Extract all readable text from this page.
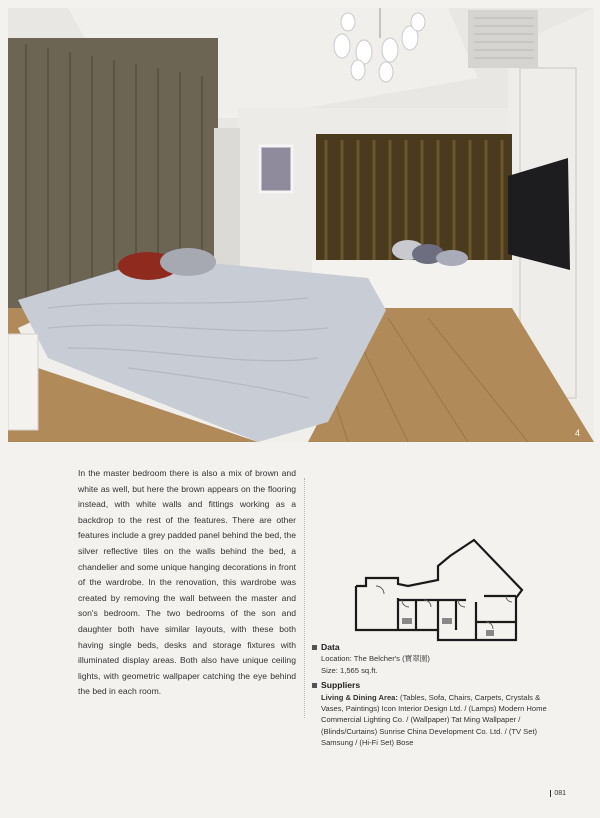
4
In the master bedroom there is also a mix of brown and white as well, but here the brown appears on the flooring instead, with white walls and fittings working as a backdrop to the rest of the features. There are other features include a grey padded panel behind the bed, the silver reflective tiles on the walls behind the bed, a chandelier and some unique hanging decorations in front of the wardrobe. In the renovation, this wardrobe was created by removing the wall between the master and son's bedroom. The two bedrooms of the son and daughter both have similar layouts, with these both having single beds, desks and storage fixtures with illuminated display areas. Both also have unique ceiling lights, with geometric wallpaper catching the eye behind the bed in each room.
Data
Location: The Belcher's (寶翠園)
Size: 1,565 sq.ft.
Suppliers
Living & Dining Area: (Tables, Sofa, Chairs, Carpets, Crystals & Vases, Paintings) Icon Interior Design Ltd. / (Lamps) Modern Home Commercial Lighting Co. / (Wallpaper) Tat Ming Wallpaper / (Blinds/Curtains) Sunrise China Development Co. Ltd. / (TV Set) Samsung / (Hi-Fi Set) Bose
081
